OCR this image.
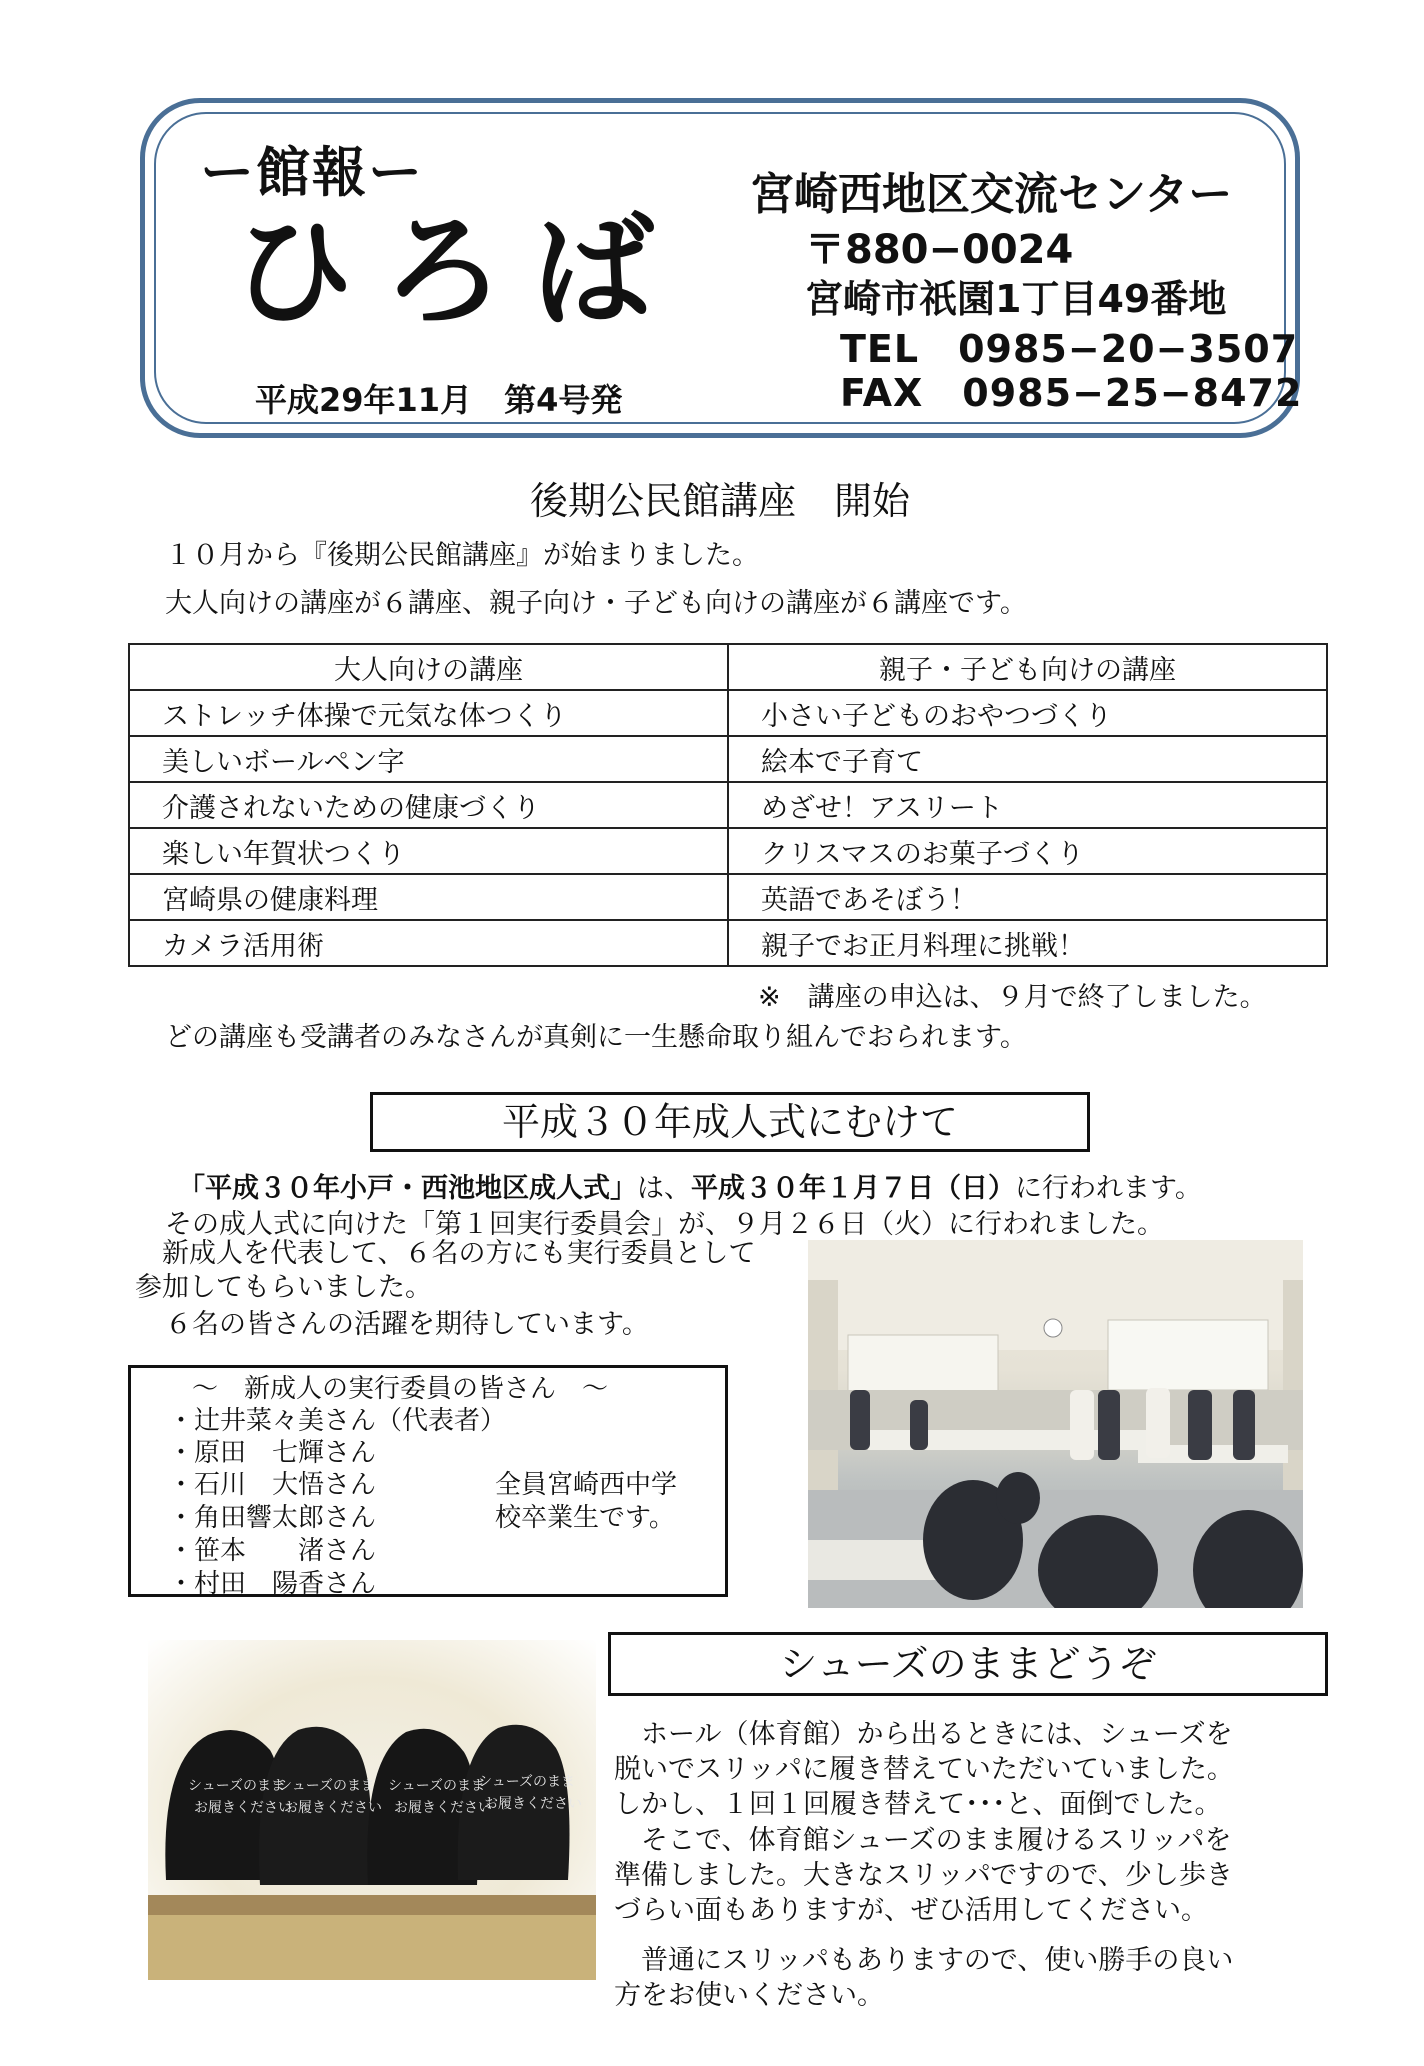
ー館報ー
ひろば
平成29年11月　第4号発
宮崎西地区交流センター
〒880−0024
宮崎市祇園1丁目49番地
TEL　0985−20−3507
FAX　0985−25−8472
後期公民館講座　開始
１０月から『後期公民館講座』が始まりました。
大人向けの講座が６講座、親子向け・子ども向けの講座が６講座です。
大人向けの講座	親子・子ども向けの講座
ストレッチ体操で元気な体つくり	小さい子どものおやつづくり
美しいボールペン字	絵本で子育て
介護されないための健康づくり	めざせ！アスリート
楽しい年賀状つくり	クリスマスのお菓子づくり
宮崎県の健康料理	英語であそぼう！
カメラ活用術	親子でお正月料理に挑戦！
※　講座の申込は、９月で終了しました。
どの講座も受講者のみなさんが真剣に一生懸命取り組んでおられます。
平成３０年成人式にむけて
「平成３０年小戸・西池地区成人式」は、平成３０年１月７日（日）に行われます。
その成人式に向けた「第１回実行委員会」が、９月２６日（火）に行われました。
　新成人を代表して、６名の方にも実行委員として参加してもらいました。
６名の皆さんの活躍を期待しています。
～　新成人の実行委員の皆さん　～
・辻井菜々美さん（代表者）
・原田　七輝さん
・石川　大悟さん
・角田響太郎さん
・笹本　　渚さん
・村田　陽香さん
全員宮崎西中学
校卒業生です。
シューズのままどうぞ
　ホール（体育館）から出るときには、シューズを
脱いでスリッパに履き替えていただいていました。
しかし、１回１回履き替えて･･･と、面倒でした。
　そこで、体育館シューズのまま履けるスリッパを
準備しました。大きなスリッパですので、少し歩き
づらい面もありますが、ぜひ活用してください。
　普通にスリッパもありますので、使い勝手の良い
方をお使いください。
シューズのまま
お履きください
シューズのまま
お履きください
シューズのまま
お履きください
シューズのまま
お履きください
